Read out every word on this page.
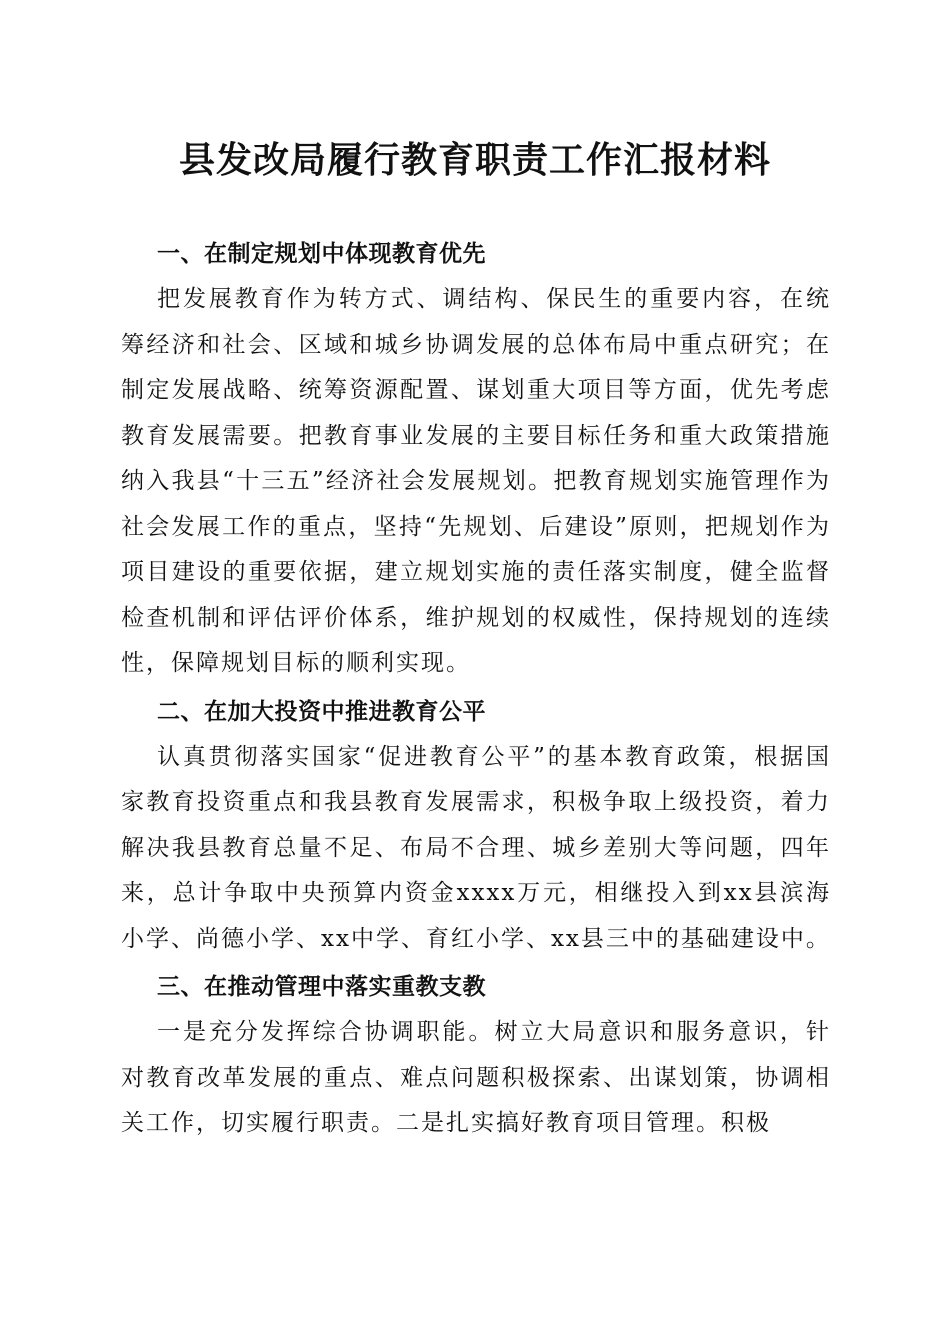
县发改局履行教育职责工作汇报材料
一、在制定规划中体现教育优先

把发展教育作为转方式、调结构、保民生的重要内容，在统筹经济和社会、区域和城乡协调发展的总体布局中重点研究；在制定发展战略、统筹资源配置、谋划重大项目等方面，优先考虑教育发展需要。把教育事业发展的主要目标任务和重大政策措施纳入我县“十三五”经济社会发展规划。把教育规划实施管理作为社会发展工作的重点，坚持“先规划、后建设”原则，把规划作为项目建设的重要依据，建立规划实施的责任落实制度，健全监督检查机制和评估评价体系，维护规划的权威性，保持规划的连续性，保障规划目标的顺利实现。

二、在加大投资中推进教育公平

认真贯彻落实国家“促进教育公平”的基本教育政策，根据国家教育投资重点和我县教育发展需求，积极争取上级投资，着力解决我县教育总量不足、布局不合理、城乡差别大等问题，四年来，总计争取中央预算内资金xxxx万元，相继投入到xx县滨海小学、尚德小学、xx中学、育红小学、xx县三中的基础建设中。

三、在推动管理中落实重教支教

一是充分发挥综合协调职能。树立大局意识和服务意识，针对教育改革发展的重点、难点问题积极探索、出谋划策，协调相关工作，切实履行职责。二是扎实搞好教育项目管理。积极
